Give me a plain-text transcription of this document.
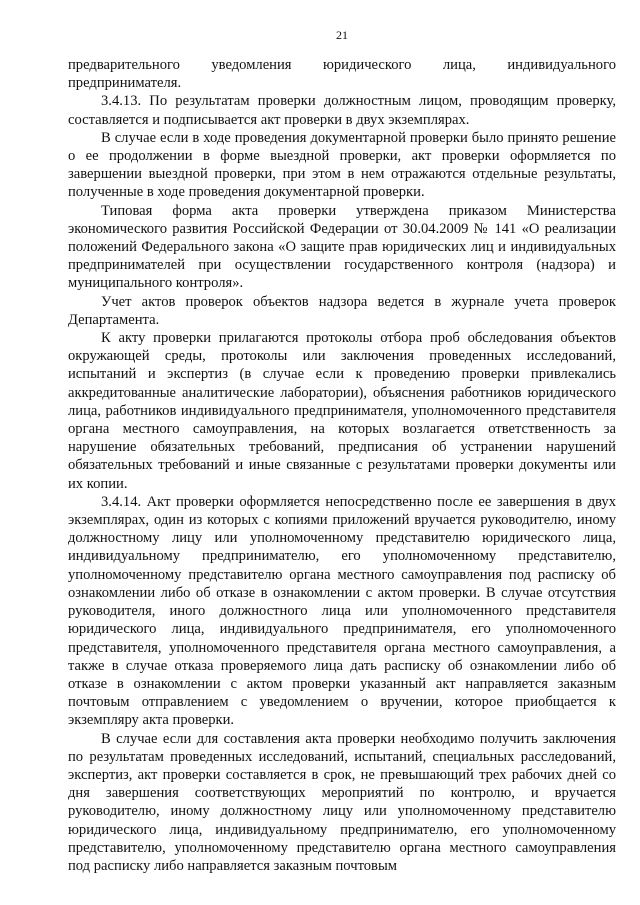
21

предварительного уведомления юридического лица, индивидуального предпринимателя.

3.4.13. По результатам проверки должностным лицом, проводящим проверку, составляется и подписывается акт проверки в двух экземплярах.

В случае если в ходе проведения документарной проверки было принято решение о ее продолжении в форме выездной проверки, акт проверки оформляется по завершении выездной проверки, при этом в нем отражаются отдельные результаты, полученные в ходе проведения документарной проверки.

Типовая форма акта проверки утверждена приказом Министерства экономического развития Российской Федерации от 30.04.2009 № 141 «О реализации положений Федерального закона «О защите прав юридических лиц и индивидуальных предпринимателей при осуществлении государственного контроля (надзора) и муниципального контроля».

Учет актов проверок объектов надзора ведется в журнале учета проверок Департамента.

К акту проверки прилагаются протоколы отбора проб обследования объектов окружающей среды, протоколы или заключения проведенных исследований, испытаний и экспертиз (в случае если к проведению проверки привлекались аккредитованные аналитические лаборатории), объяснения работников юридического лица, работников индивидуального предпринимателя, уполномоченного представителя органа местного самоуправления, на которых возлагается ответственность за нарушение обязательных требований, предписания об устранении нарушений обязательных требований и иные связанные с результатами проверки документы или их копии.

3.4.14. Акт проверки оформляется непосредственно после ее завершения в двух экземплярах, один из которых с копиями приложений вручается руководителю, иному должностному лицу или уполномоченному представителю юридического лица, индивидуальному предпринимателю, его уполномоченному представителю, уполномоченному представителю органа местного самоуправления под расписку об ознакомлении либо об отказе в ознакомлении с актом проверки. В случае отсутствия руководителя, иного должностного лица или уполномоченного представителя юридического лица, индивидуального предпринимателя, его уполномоченного представителя, уполномоченного представителя органа местного самоуправления, а также в случае отказа проверяемого лица дать расписку об ознакомлении либо об отказе в ознакомлении с актом проверки указанный акт направляется заказным почтовым отправлением с уведомлением о вручении, которое приобщается к экземпляру акта проверки.

В случае если для составления акта проверки необходимо получить заключения по результатам проведенных исследований, испытаний, специальных расследований, экспертиз, акт проверки составляется в срок, не превышающий трех рабочих дней со дня завершения соответствующих мероприятий по контролю, и вручается руководителю, иному должностному лицу или уполномоченному представителю юридического лица, индивидуальному предпринимателю, его уполномоченному представителю, уполномоченному представителю органа местного самоуправления под расписку либо направляется заказным почтовым
